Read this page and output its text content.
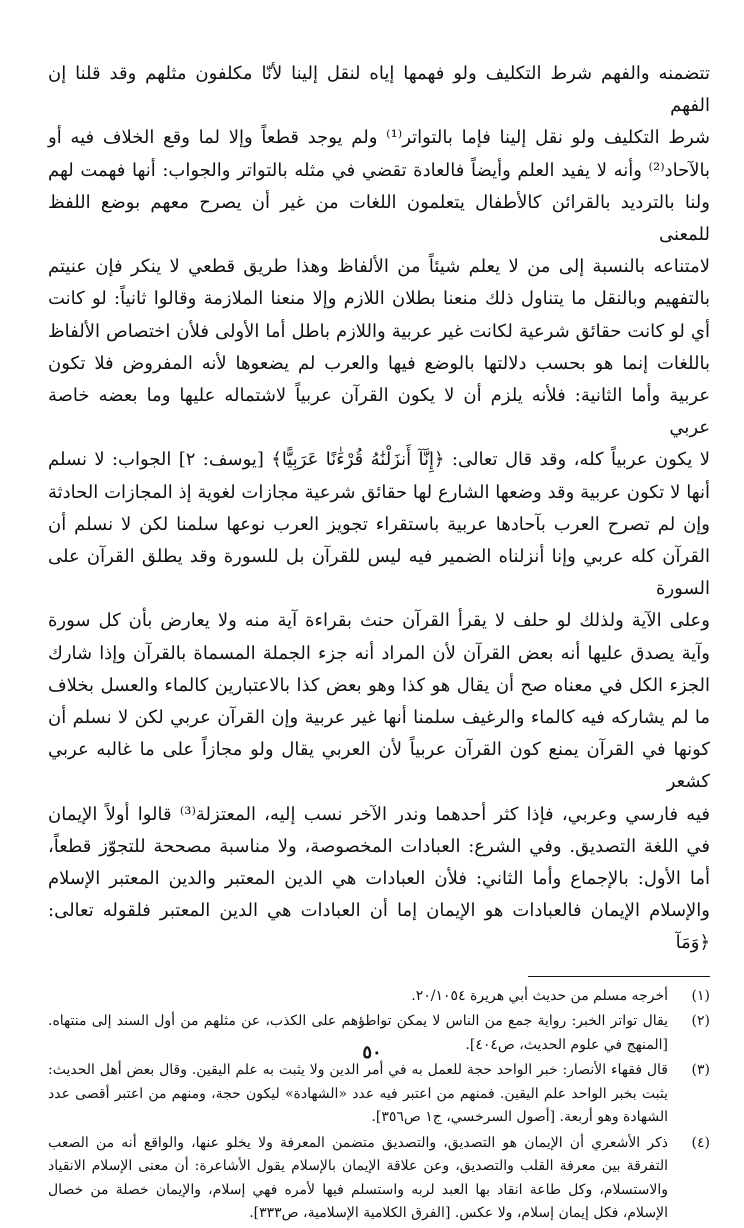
تتضمنه والفهم شرط التكليف ولو فهمها إياه لنقل إلينا لأنّا مكلفون مثلهم وقد قلنا إن الفهم

شرط التكليف ولو نقل إلينا فإما بالتواتر⁽¹⁾ ولم يوجد قطعاً وإلا لما وقع الخلاف فيه أو

بالآحاد⁽²⁾ وأنه لا يفيد العلم وأيضاً فالعادة تقضي في مثله بالتواتر والجواب: أنها فهمت لهم

ولنا بالترديد بالقرائن كالأطفال يتعلمون اللغات من غير أن يصرح معهم بوضع اللفظ للمعنى

لامتناعه بالنسبة إلى من لا يعلم شيئاً من الألفاظ وهذا طريق قطعي لا ينكر فإن عنيتم

بالتفهيم وبالنقل ما يتناول ذلك منعنا بطلان اللازم وإلا منعنا الملازمة وقالوا ثانياً: لو كانت

أي لو كانت حقائق شرعية لكانت غير عربية واللازم باطل أما الأولى فلأن اختصاص الألفاظ

باللغات إنما هو بحسب دلالتها بالوضع فيها والعرب لم يضعوها لأنه المفروض فلا تكون

عربية وأما الثانية: فلأنه يلزم أن لا يكون القرآن عربياً لاشتماله عليها وما بعضه خاصة عربي

لا يكون عربياً كله، وقد قال تعالى: ﴿إِنَّآ أَنزَلْنَٰهُ قُرْءَٰنًا عَرَبِيًّا﴾ [يوسف: ٢] الجواب: لا نسلم

أنها لا تكون عربية وقد وضعها الشارع لها حقائق شرعية مجازات لغوية إذ المجازات الحادثة

وإن لم تصرح العرب بآحادها عربية باستقراء تجويز العرب نوعها سلمنا لكن لا نسلم أن

القرآن كله عربي وإنا أنزلناه الضمير فيه ليس للقرآن بل للسورة وقد يطلق القرآن على السورة

وعلى الآية ولذلك لو حلف لا يقرأ القرآن حنث بقراءة آية منه ولا يعارض بأن كل سورة

وآية يصدق عليها أنه بعض القرآن لأن المراد أنه جزء الجملة المسماة بالقرآن وإذا شارك

الجزء الكل في معناه صح أن يقال هو كذا وهو بعض كذا بالاعتبارين كالماء والعسل بخلاف

ما لم يشاركه فيه كالماء والرغيف سلمنا أنها غير عربية وإن القرآن عربي لكن لا نسلم أن

كونها في القرآن يمنع كون القرآن عربياً لأن العربي يقال ولو مجازاً على ما غالبه عربي كشعر

فيه فارسي وعربي، فإذا كثر أحدهما وندر الآخر نسب إليه، المعتزلة⁽³⁾ قالوا أولاً الإيمان

في اللغة التصديق. وفي الشرع: العبادات المخصوصة، ولا مناسبة مصححة للتجوّز قطعاً،

أما الأول: بالإجماع وأما الثاني: فلأن العبادات هي الدين المعتبر والدين المعتبر الإسلام

والإسلام الإيمان فالعبادات هو الإيمان إما أن العبادات هي الدين المعتبر فلقوله تعالى: ﴿وَمَآ

(١)
أخرجه مسلم من حديث أبي هريرة ٢٠/١٠٥٤.
(٢)
يقال تواتر الخبر: رواية جمع من الناس لا يمكن تواطؤهم على الكذب، عن مثلهم من أول السند إلى منتهاه. [المنهج في علوم الحديث، ص٤٠٤].
(٣)
قال فقهاء الأنصار: خبر الواحد حجة للعمل به في أمر الدين ولا يثبت به علم اليقين. وقال بعض أهل الحديث: يثبت بخبر الواحد علم اليقين. فمنهم من اعتبر فيه عدد «الشهادة» ليكون حجة، ومنهم من اعتبر أقصى عدد الشهادة وهو أربعة. [أصول السرخسي، ج١ ص٣٥٦].
(٤)
ذكر الأشعري أن الإيمان هو التصديق، والتصديق متضمن المعرفة ولا يخلو عنها، والواقع أنه من الصعب التفرقة بين معرفة القلب والتصديق، وعن علاقة الإيمان بالإسلام يقول الأشاعرة: أن معنى الإسلام الانقياد والاستسلام، وكل طاعة انقاد بها العبد لربه واستسلم فيها لأمره فهي إسلام، والإيمان خصلة من خصال الإسلام، فكل إيمان إسلام، ولا عكس. [الفرق الكلامية الإسلامية، ص٣٣٣].
٥٠
